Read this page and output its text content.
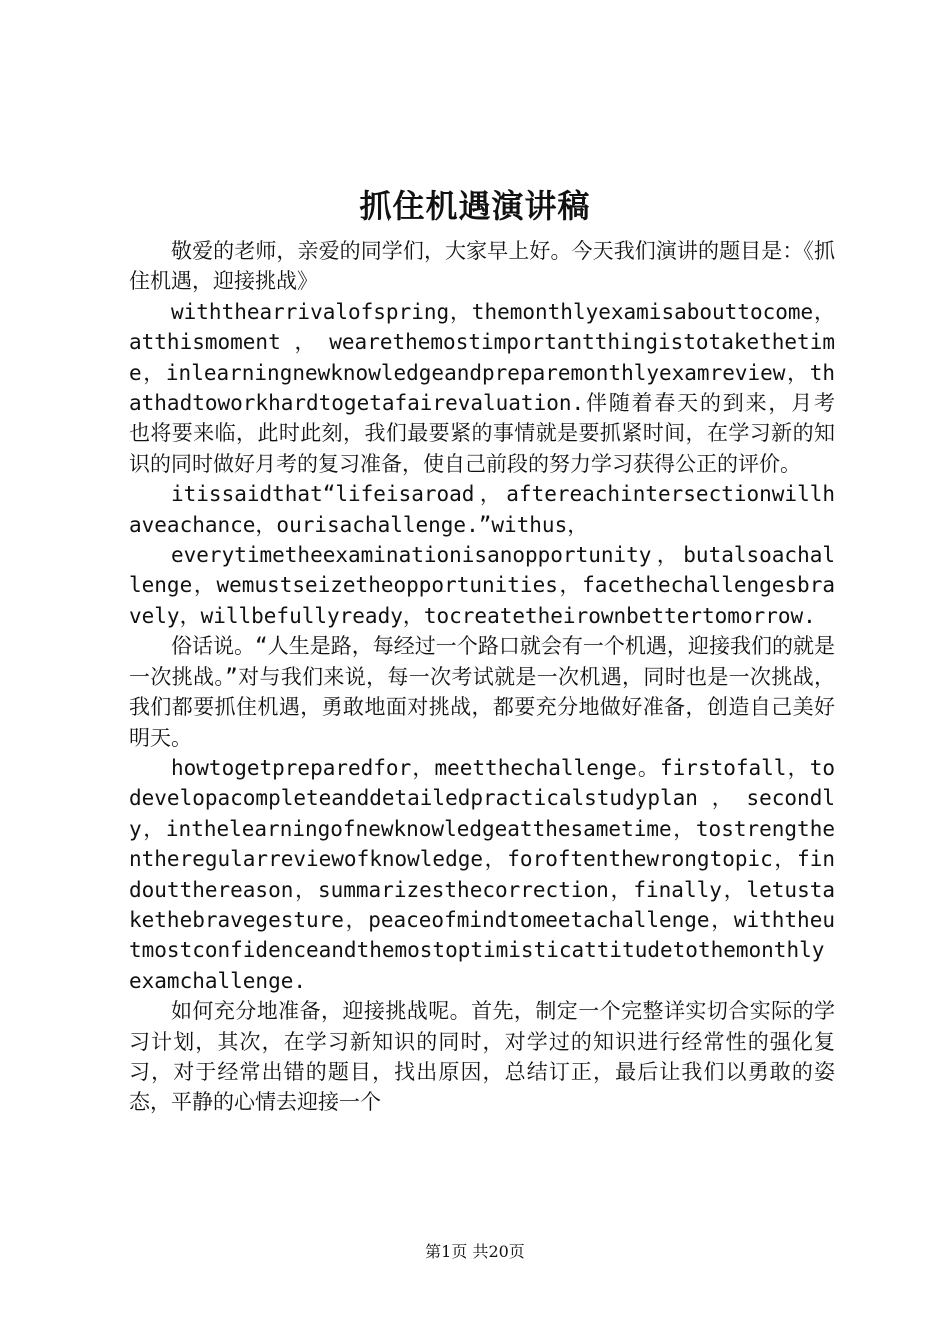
抓住机遇演讲稿

敬爱的老师，亲爱的同学们，大家早上好。今天我们演讲的题目是：《抓住机遇，迎接挑战》

withthearrivalofspring，themonthlyexamisabouttocome，atthismoment，wearethemostimportantthingistotakethetime，inlearningnewknowledgeandpreparemonthlyexamreview，thathadtoworkhardtogetafairevaluation.伴随着春天的到来，月考也将要来临，此时此刻，我们最要紧的事情就是要抓紧时间，在学习新的知识的同时做好月考的复习准备，使自己前段的努力学习获得公正的评价。

itissaidthat“lifeisaroad，aftereachintersectionwillhaveachance，ourisachallenge.”withus，

everytimetheexaminationisanopportunity，butalsoachallenge，wemustseizetheopportunities，facethechallengesbravely，willbefullyready，tocreatetheirownbettertomorrow.

俗话说。“人生是路，每经过一个路口就会有一个机遇，迎接我们的就是一次挑战。”对与我们来说，每一次考试就是一次机遇，同时也是一次挑战，我们都要抓住机遇，勇敢地面对挑战，都要充分地做好准备，创造自己美好明天。

howtogetpreparedfor，meetthechallenge。firstofall，todevelopacompleteanddetailedpracticalstudyplan，secondly，inthelearningofnewknowledgeatthesametime，tostrengthentheregularreviewofknowledge，foroftenthewrongtopic，findoutthereason，summarizesthecorrection，finally，letustakethebravegesture，peaceofmindtomeetachallenge，withtheutmostconfidenceandthemostoptimisticattitudetothemonthlyexamchallenge.

如何充分地准备，迎接挑战呢。首先，制定一个完整详实切合实际的学习计划，其次，在学习新知识的同时，对学过的知识进行经常性的强化复习，对于经常出错的题目，找出原因，总结订正，最后让我们以勇敢的姿态，平静的心情去迎接一个

第1页 共20页
